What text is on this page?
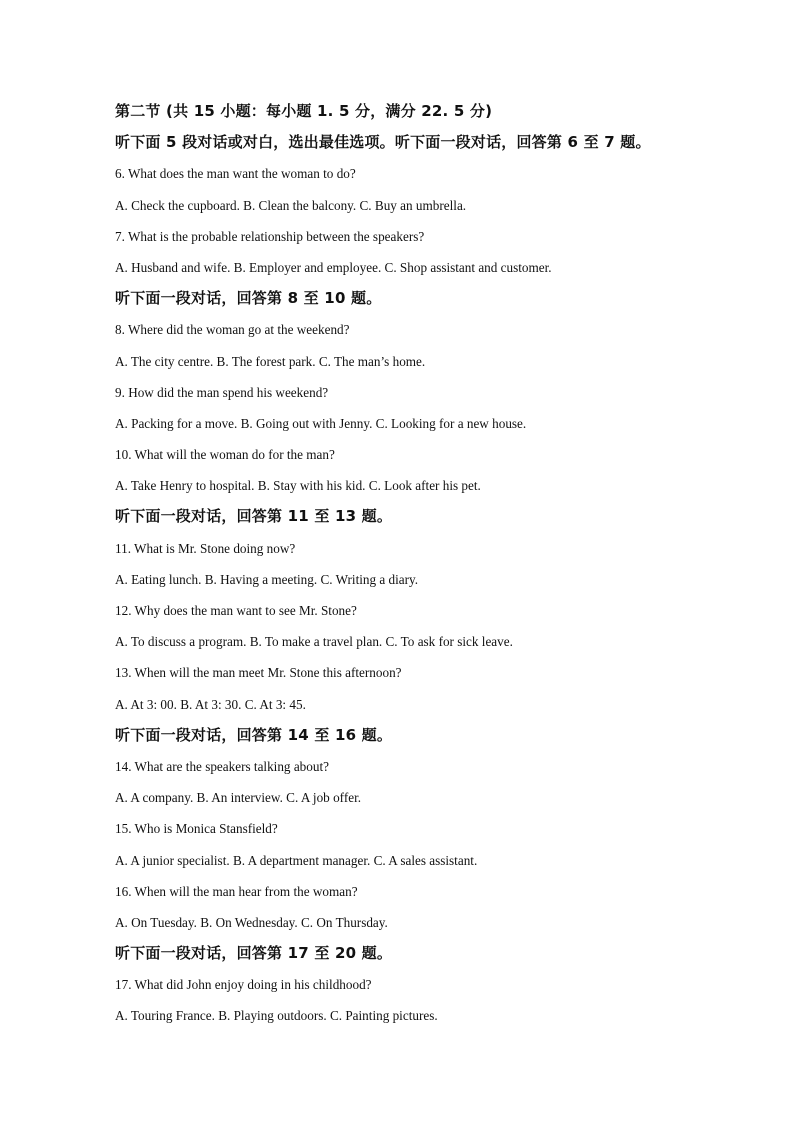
第二节 (共 15 小题：每小题 1. 5 分，满分 22. 5 分)
听下面 5 段对话或对白，选出最佳选项。听下面一段对话，回答第 6 至 7 题。
6. What does the man want the woman to do?
A. Check the cupboard. B. Clean the balcony. C. Buy an umbrella.
7. What is the probable relationship between the speakers?
A. Husband and wife. B. Employer and employee. C. Shop assistant and customer.
听下面一段对话，回答第 8 至 10 题。
8. Where did the woman go at the weekend?
A. The city centre. B. The forest park. C. The man’s home.
9. How did the man spend his weekend?
A. Packing for a move. B. Going out with Jenny. C. Looking for a new house.
10. What will the woman do for the man?
A. Take Henry to hospital. B. Stay with his kid. C. Look after his pet.
听下面一段对话，回答第 11 至 13 题。
11. What is Mr. Stone doing now?
A. Eating lunch. B. Having a meeting. C. Writing a diary.
12. Why does the man want to see Mr. Stone?
A. To discuss a program. B. To make a travel plan. C. To ask for sick leave.
13. When will the man meet Mr. Stone this afternoon?
A. At 3: 00. B. At 3: 30. C. At 3: 45.
听下面一段对话，回答第 14 至 16 题。
14. What are the speakers talking about?
A. A company. B. An interview. C. A job offer.
15. Who is Monica Stansfield?
A. A junior specialist. B. A department manager. C. A sales assistant.
16. When will the man hear from the woman?
A. On Tuesday. B. On Wednesday. C. On Thursday.
听下面一段对话，回答第 17 至 20 题。
17. What did John enjoy doing in his childhood?
A. Touring France. B. Playing outdoors. C. Painting pictures.
